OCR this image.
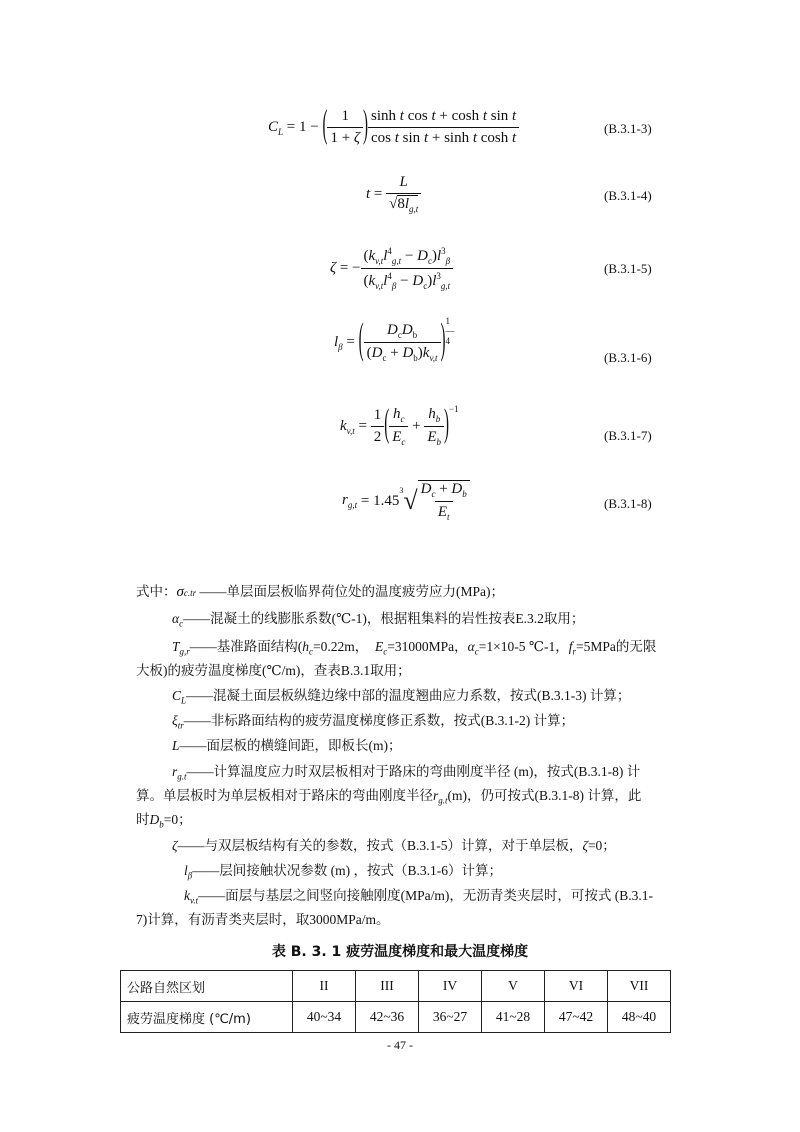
$C_L = 1$ − ( $\frac{1}{1 + \zeta}$ ) $\frac{\text{sinh t cos t + cosh t sin t}}{\text{cos t sin t + sinh t cosh t}}$	(B.3.1-3)
$t = \frac{L}{√8l_{g,t}}$	(B.3.1-4)
ζ = − $\frac{(k_{v,t}l^4_{g,t} - D_c)l^3_\beta}{(k_{v,t}l^4_\beta - D_c)l^3_{g,t}}$	(B.3.1-5)
$l_\beta$ = ( $\frac{D_cD_b}{(D_c + D_b)k_{v,t}}$ ) 1
―
4
(B.3.1-6)
$k_{v,t} = \frac{1}{2}$ ( $\frac{h_c}{E_c} + \frac{h_b}{E_b}$ ) −1
(B.3.1-7)
$r_{g,t} = 1.45$
3 √ $\frac{D_c + D_b}{E_t}$	(B.3.1-8)
式中：σc.tr ——单层面层板临界荷位处的温度疲劳应力(MPa)；
$\alpha_c——$混凝土的线膨胀系数(℃-1)，根据粗集料的岩性按表E.3.2取用；
$T_{g,r}——$基准路面结构($h_c=0.22m$， $E_c=31000MPa$，$\alpha_c=1\times 10-5$ ℃-1，$f_r=5MPa$的无限
大板)的疲劳温度梯度(℃/m)，查表B.3.1取用；
$C_L——$混凝土面层板纵缝边缘中部的温度翘曲应力系数，按式(B.3.1-3) 计算；
$\xi_{tr}——$非标路面结构的疲劳温度梯度修正系数，按式(B.3.1-2) 计算；
L——面层板的横缝间距，即板长(m)；
$r_{g.t}——$计算温度应力时双层板相对于路床的弯曲刚度半径 (m)，按式(B.3.1-8) 计
算。单层板时为单层板相对于路床的弯曲刚度半径$r_{g.t}(m)$，仍可按式(B.3.1-8) 计算，此
时$D_b=0$；
ζ——与双层板结构有关的参数，按式（B.3.1-5）计算，对于单层板，ζ=0；
$l_\beta——$层间接触状况参数 (m) ，按式（B.3.1-6）计算；
$k_{v.t}——$面层与基层之间竖向接触刚度(MPa/m)，无沥青类夹层时，可按式 (B.3.1-
7)计算，有沥青类夹层时，取3000MPa/m。
表 B. 3. 1 疲劳温度梯度和最大温度梯度
公路自然区划	II	III	IV	V	VI	VII
疲劳温度梯度 (℃/m)	40~34	42~36	36~27	41~28	47~42	48~40
- 47 -
